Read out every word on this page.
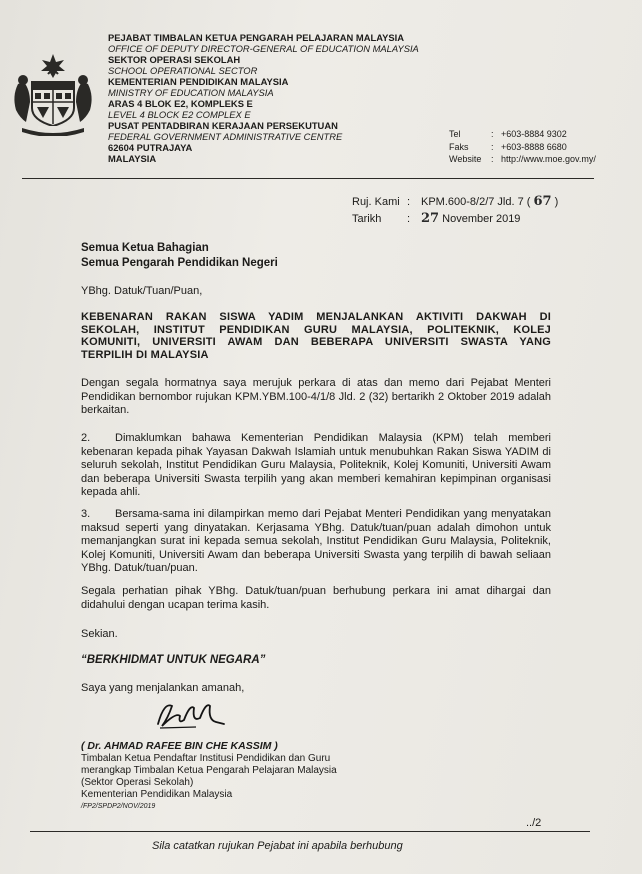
PEJABAT TIMBALAN KETUA PENGARAH PELAJARAN MALAYSIA
OFFICE OF DEPUTY DIRECTOR-GENERAL OF EDUCATION MALAYSIA
SEKTOR OPERASI SEKOLAH
SCHOOL OPERATIONAL SECTOR
KEMENTERIAN PENDIDIKAN MALAYSIA
MINISTRY OF EDUCATION MALAYSIA
ARAS 4 BLOK E2, KOMPLEKS E
LEVEL 4 BLOCK E2 COMPLEX E
PUSAT PENTADBIRAN KERAJAAN PERSEKUTUAN
FEDERAL GOVERNMENT ADMINISTRATIVE CENTRE
62604 PUTRAJAYA
MALAYSIA
Tel	: +603-8884 9302
Faks : +603-8888 6680
Website : http://www.moe.gov.my/
Ruj. Kami : KPM.600-8/2/7 Jld. 7 ( 67 )
Tarikh : 27 November 2019
Semua Ketua Bahagian
Semua Pengarah Pendidikan Negeri
YBhg. Datuk/Tuan/Puan,
KEBENARAN RAKAN SISWA YADIM MENJALANKAN AKTIVITI DAKWAH DI
SEKOLAH, INSTITUT PENDIDIKAN GURU MALAYSIA, POLITEKNIK, KOLEJ
KOMUNITI, UNIVERSITI AWAM DAN BEBERAPA UNIVERSITI SWASTA YANG
TERPILIH DI MALAYSIA
Dengan segala hormatnya saya merujuk perkara di atas dan memo dari Pejabat Menteri Pendidikan bernombor rujukan KPM.YBM.100-4/1/8 Jld. 2 (32) bertarikh 2 Oktober 2019 adalah berkaitan.
2.	Dimaklumkan bahawa Kementerian Pendidikan Malaysia (KPM) telah memberi kebenaran kepada pihak Yayasan Dakwah Islamiah untuk menubuhkan Rakan Siswa YADIM di seluruh sekolah, Institut Pendidikan Guru Malaysia, Politeknik, Kolej Komuniti, Universiti Awam dan beberapa Universiti Swasta terpilih yang akan memberi kemahiran kepimpinan organisasi kepada ahli.
3.	Bersama-sama ini dilampirkan memo dari Pejabat Menteri Pendidikan yang menyatakan maksud seperti yang dinyatakan. Kerjasama YBhg. Datuk/tuan/puan adalah dimohon untuk memanjangkan surat ini kepada semua sekolah, Institut Pendidikan Guru Malaysia, Politeknik, Kolej Komuniti, Universiti Awam dan beberapa Universiti Swasta yang terpilih di bawah seliaan YBhg. Datuk/tuan/puan.
Segala perhatian pihak YBhg. Datuk/tuan/puan berhubung perkara ini amat dihargai dan didahului dengan ucapan terima kasih.
Sekian.
“BERKHIDMAT UNTUK NEGARA”
Saya yang menjalankan amanah,
( Dr. AHMAD RAFEE BIN CHE KASSIM )
Timbalan Ketua Pendaftar Institusi Pendidikan dan Guru
merangkap Timbalan Ketua Pengarah Pelajaran Malaysia
(Sektor Operasi Sekolah)
Kementerian Pendidikan Malaysia
/FP2/SPDP2/NOV/2019
../2
Sila catatkan rujukan Pejabat ini apabila berhubung
